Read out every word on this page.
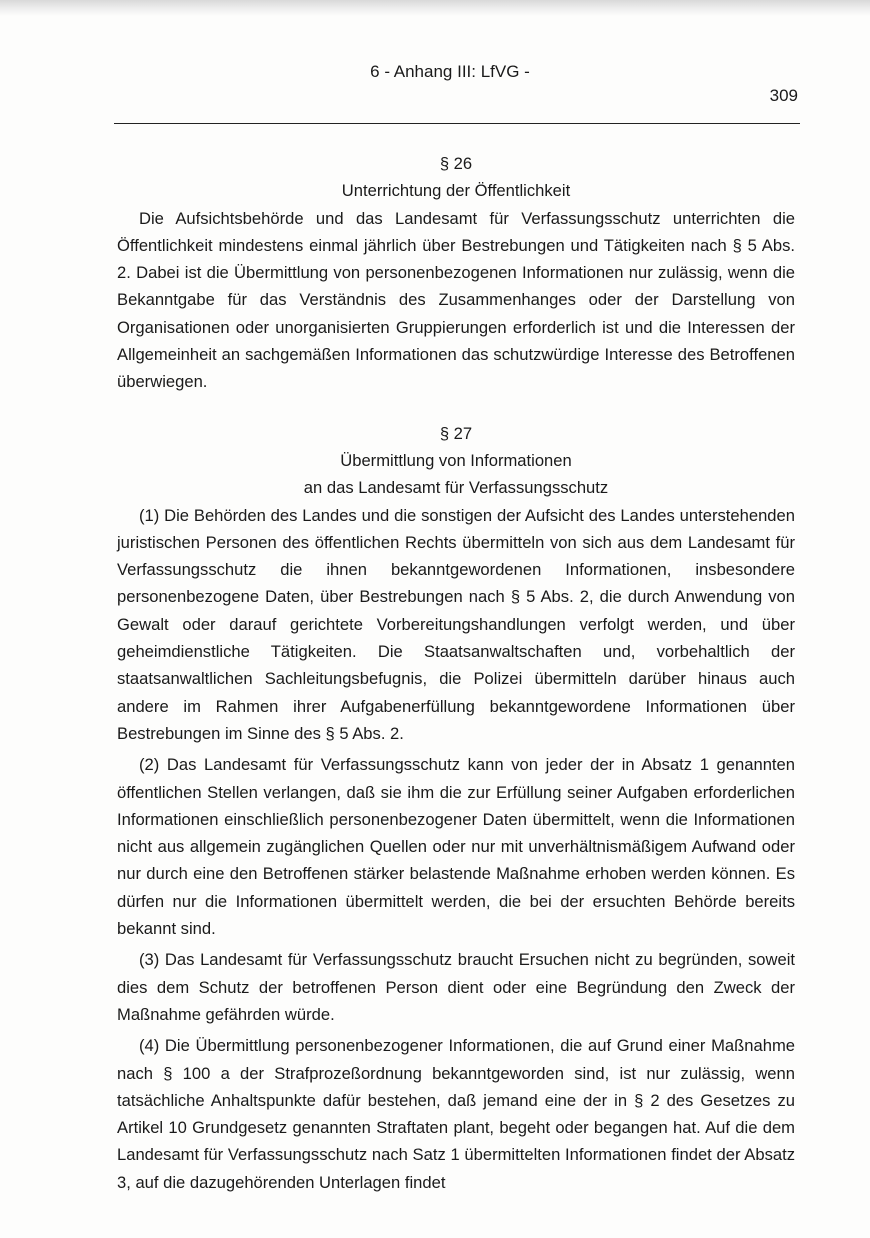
6 - Anhang III: LfVG -
309

§ 26

Unterrichtung der Öffentlichkeit

Die Aufsichtsbehörde und das Landesamt für Verfassungsschutz unterrichten die Öffentlichkeit mindestens einmal jährlich über Bestrebungen und Tätigkeiten nach § 5 Abs. 2. Dabei ist die Übermittlung von personenbezogenen Informationen nur zulässig, wenn die Bekanntgabe für das Verständnis des Zusammenhanges oder der Darstellung von Organisationen oder unorganisierten Gruppierungen erforderlich ist und die Interessen der Allgemeinheit an sachgemäßen Informationen das schutzwürdige Interesse des Betroffenen überwiegen.

§ 27

Übermittlung von Informationen

an das Landesamt für Verfassungsschutz

(1) Die Behörden des Landes und die sonstigen der Aufsicht des Landes unterstehenden juristischen Personen des öffentlichen Rechts übermitteln von sich aus dem Landesamt für Verfassungsschutz die ihnen bekanntgewordenen Informationen, insbesondere personenbezogene Daten, über Bestrebungen nach § 5 Abs. 2, die durch Anwendung von Gewalt oder darauf gerichtete Vorbereitungshandlungen verfolgt werden, und über geheimdienstliche Tätigkeiten. Die Staatsanwaltschaften und, vorbehaltlich der staatsanwaltlichen Sachleitungsbefugnis, die Polizei übermitteln darüber hinaus auch andere im Rahmen ihrer Aufgabenerfüllung bekanntgewordene Informationen über Bestrebungen im Sinne des § 5 Abs. 2.

(2) Das Landesamt für Verfassungsschutz kann von jeder der in Absatz 1 genannten öffentlichen Stellen verlangen, daß sie ihm die zur Erfüllung seiner Aufgaben erforderlichen Informationen einschließlich personenbezogener Daten übermittelt, wenn die Informationen nicht aus allgemein zugänglichen Quellen oder nur mit unverhältnismäßigem Aufwand oder nur durch eine den Betroffenen stärker belastende Maßnahme erhoben werden können. Es dürfen nur die Informationen übermittelt werden, die bei der ersuchten Behörde bereits bekannt sind.

(3) Das Landesamt für Verfassungsschutz braucht Ersuchen nicht zu begründen, soweit dies dem Schutz der betroffenen Person dient oder eine Begründung den Zweck der Maßnahme gefährden würde.

(4) Die Übermittlung personenbezogener Informationen, die auf Grund einer Maßnahme nach § 100 a der Strafprozeßordnung bekanntgeworden sind, ist nur zulässig, wenn tatsächliche Anhaltspunkte dafür bestehen, daß jemand eine der in § 2 des Gesetzes zu Artikel 10 Grundgesetz genannten Straftaten plant, begeht oder begangen hat. Auf die dem Landesamt für Verfassungsschutz nach Satz 1 übermittelten Informationen findet der Absatz 3, auf die dazugehörenden Unterlagen findet
